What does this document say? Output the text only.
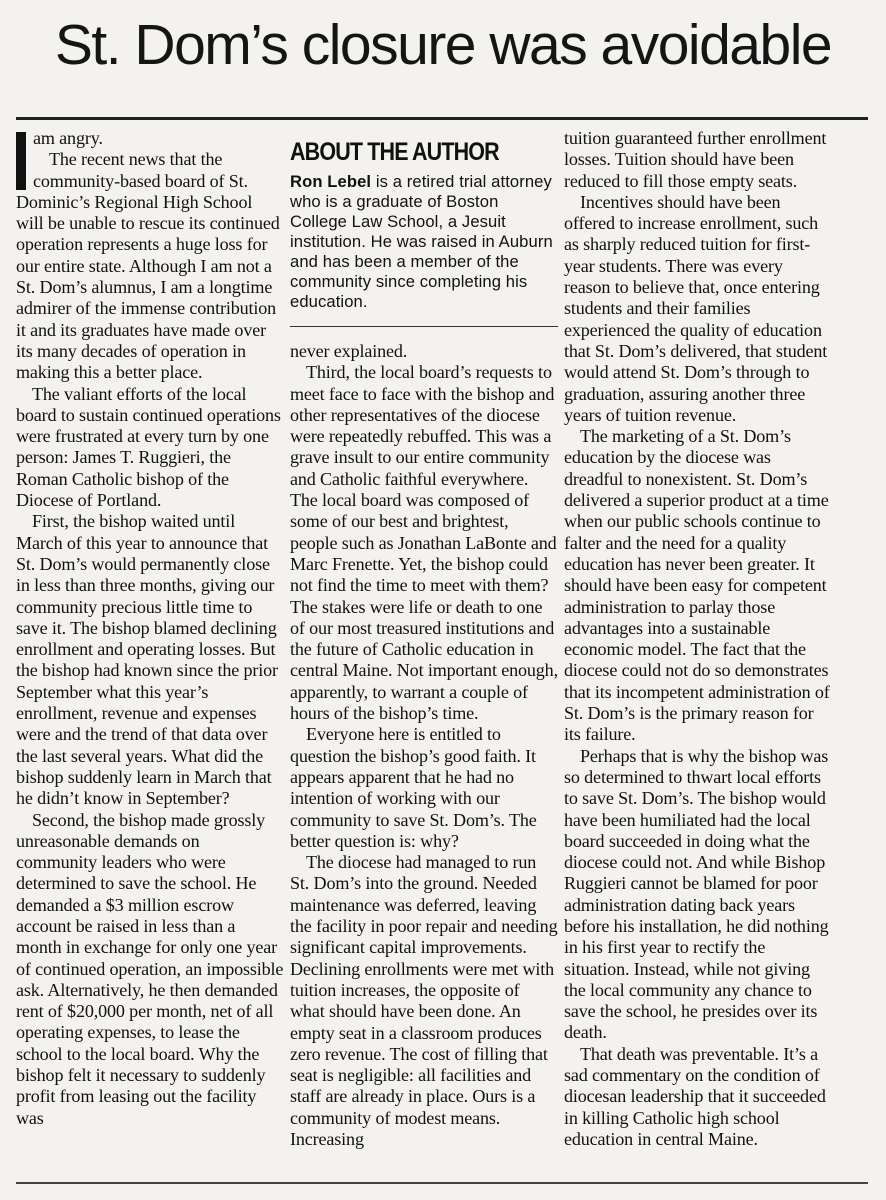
St. Dom’s closure was avoidable

am angry.

The recent news that the community-based board of St. Dominic’s Regional High School will be unable to rescue its continued operation represents a huge loss for our entire state. Although I am not a St. Dom’s alumnus, I am a longtime admirer of the immense contribution it and its graduates have made over its many decades of operation in making this a better place.

The valiant efforts of the local board to sustain continued operations were frustrated at every turn by one person: James T. Ruggieri, the Roman Catholic bishop of the Diocese of Portland.

First, the bishop waited until March of this year to announce that St. Dom’s would permanently close in less than three months, giving our community precious little time to save it. The bishop blamed declining enrollment and operating losses. But the bishop had known since the prior September what this year’s enrollment, revenue and expenses were and the trend of that data over the last several years. What did the bishop suddenly learn in March that he didn’t know in September?

Second, the bishop made grossly unreasonable demands on community leaders who were determined to save the school. He demanded a $3 million escrow account be raised in less than a month in exchange for only one year of continued operation, an impossible ask. Alternatively, he then demanded rent of $20,000 per month, net of all operating expenses, to lease the school to the local board. Why the bishop felt it necessary to suddenly profit from leasing out the facility was

ABOUT THE AUTHOR
Ron Lebel is a retired trial attorney who is a graduate of Boston College Law School, a Jesuit institution. He was raised in Auburn and has been a member of the community since completing his education.

never explained.

Third, the local board’s requests to meet face to face with the bishop and other representatives of the diocese were repeatedly rebuffed. This was a grave insult to our entire community and Catholic faithful everywhere. The local board was composed of some of our best and brightest, people such as Jonathan LaBonte and Marc Frenette. Yet, the bishop could not find the time to meet with them? The stakes were life or death to one of our most treasured institutions and the future of Catholic education in central Maine. Not important enough, apparently, to warrant a couple of hours of the bishop’s time.

Everyone here is entitled to question the bishop’s good faith. It appears apparent that he had no intention of working with our community to save St. Dom’s. The better question is: why?

The diocese had managed to run St. Dom’s into the ground. Needed maintenance was deferred, leaving the facility in poor repair and needing significant capital improvements. Declining enrollments were met with tuition increases, the opposite of what should have been done. An empty seat in a classroom produces zero revenue. The cost of filling that seat is negligible: all facilities and staff are already in place. Ours is a community of modest means. Increasing

tuition guaranteed further enrollment losses. Tuition should have been reduced to fill those empty seats.

Incentives should have been offered to increase enrollment, such as sharply reduced tuition for first-year students. There was every reason to believe that, once entering students and their families experienced the quality of education that St. Dom’s delivered, that student would attend St. Dom’s through to graduation, assuring another three years of tuition revenue.

The marketing of a St. Dom’s education by the diocese was dreadful to nonexistent. St. Dom’s delivered a superior product at a time when our public schools continue to falter and the need for a quality education has never been greater. It should have been easy for competent administration to parlay those advantages into a sustainable economic model. The fact that the diocese could not do so demonstrates that its incompetent administration of St. Dom’s is the primary reason for its failure.

Perhaps that is why the bishop was so determined to thwart local efforts to save St. Dom’s. The bishop would have been humiliated had the local board succeeded in doing what the diocese could not. And while Bishop Ruggieri cannot be blamed for poor administration dating back years before his installation, he did nothing in his first year to rectify the situation. Instead, while not giving the local community any chance to save the school, he presides over its death.

That death was preventable. It’s a sad commentary on the condition of diocesan leadership that it succeeded in killing Catholic high school education in central Maine.
